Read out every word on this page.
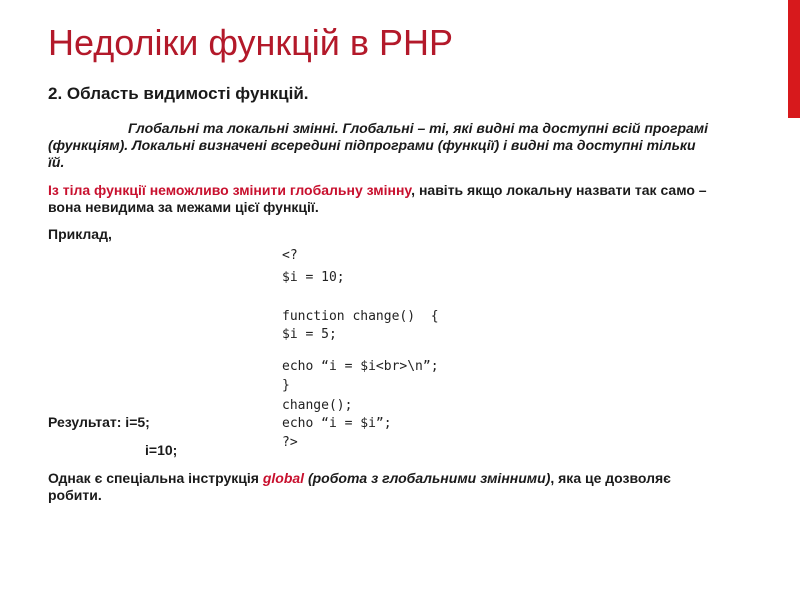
Недоліки функцій в PHP
2. Область видимості функцій.
Глобальні та локальні змінні. Глобальні – ті, які видні та доступні всій програмі (функціям). Локальні визначені всередині підпрограми (функції) і видні та доступні тільки їй.
Із тіла функції неможливо змінити глобальну змінну, навіть якщо локальну назвати так само – вона невидима за межами цієї функції.
Приклад,
<?
$i = 10;
function change()  {
$i = 5;
echo “i = $i<br>\n”;
}
change();
echo “i = $i”;
?>
Результат: i=5;
i=10;
Однак є спеціальна інструкція global (робота з глобальними змінними), яка це дозволяє робити.
